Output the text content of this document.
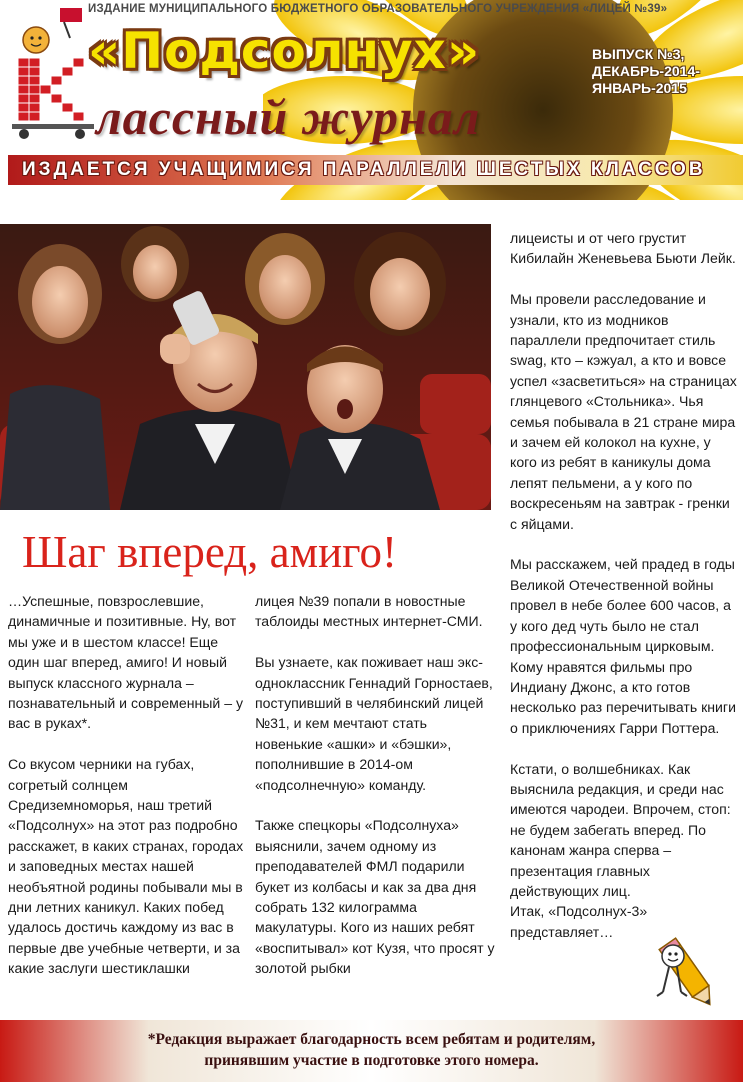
ИЗДАНИЕ МУНИЦИПАЛЬНОГО БЮДЖЕТНОГО ОБРАЗОВАТЕЛЬНОГО УЧРЕЖДЕНИЯ «ЛИЦЕЙ №39»
«Подсолнух»	ВЫПУСК №3,
ДЕКАБРЬ-2014-
ЯНВАРЬ-2015
лассный журнал
ИЗДАЕТСЯ УЧАЩИМИСЯ ПАРАЛЛЕЛИ ШЕСТЫХ КЛАССОВ
Шаг вперед, амиго!

…Успешные, повзрослевшие, динамичные и позитивные. Ну, вот мы уже и в шестом классе! Еще один шаг вперед, амиго! И новый выпуск классного журнала – познавательный и современный – у вас в руках*.

Со вкусом черники на губах, согретый солнцем Средиземноморья, наш третий «Подсолнух» на этот раз подробно расскажет, в каких странах, городах и заповедных местах нашей необъятной родины побывали мы в дни летних каникул. Каких побед удалось достичь каждому из вас в первые две учебные четверти, и за какие заслуги шестиклашки

лицея №39 попали в новостные таблоиды местных интернет-СМИ.

Вы узнаете, как поживает наш экс-одноклассник Геннадий Горностаев, поступивший в челябинский лицей №31, и кем мечтают стать новенькие «ашки» и «бэшки», пополнившие в 2014-ом «подсолнечную» команду.

Также спецкоры «Подсолнуха» выяснили, зачем одному из преподавателей ФМЛ подарили букет из колбасы и как за два дня собрать 132 килограмма макулатуры. Кого из наших ребят «воспитывал» кот Кузя, что просят у золотой рыбки

лицеисты и от чего грустит Кибилайн Женевьева Бьюти Лейк.

Мы провели расследование и узнали, кто из модников параллели предпочитает стиль swag, кто – кэжуал, а кто и вовсе успел «засветиться» на страницах глянцевого «Стольника». Чья семья побывала в 21 стране мира и зачем ей колокол на кухне, у кого из ребят в каникулы дома лепят пельмени, а у кого по воскресеньям на завтрак - гренки с яйцами.

Мы расскажем, чей прадед в годы Великой Отечественной войны провел в небе более 600 часов, а у кого дед чуть было не стал профессиональным цирковым. Кому нравятся фильмы про Индиану Джонс, а кто готов несколько раз перечитывать книги о приключениях Гарри Поттера.

Кстати, о волшебниках. Как выяснила редакция, и среди нас имеются чародеи. Впрочем, стоп: не будем забегать вперед. По канонам жанра сперва – презентация главных действующих лиц.

Итак, «Подсолнух-3» представляет…

*Редакция выражает благодарность всем ребятам и родителям,
принявшим участие в подготовке этого номера.
